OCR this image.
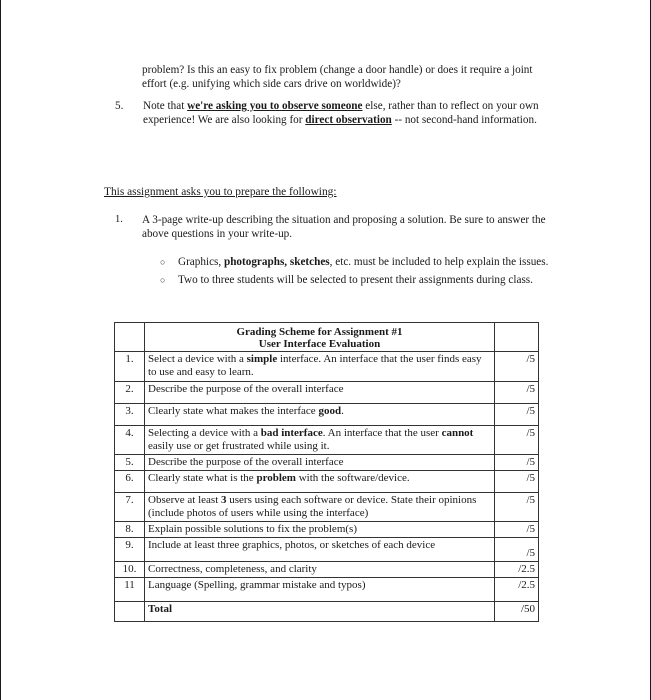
problem? Is this an easy to fix problem (change a door handle) or does it require a joint effort (e.g. unifying which side cars drive on worldwide)?
5. Note that we're asking you to observe someone else, rather than to reflect on your own experience! We are also looking for direct observation -- not second-hand information.
This assignment asks you to prepare the following:
1. A 3-page write-up describing the situation and proposing a solution. Be sure to answer the above questions in your write-up.
○ Graphics, photographs, sketches, etc. must be included to help explain the issues.
○ Two to three students will be selected to present their assignments during class.

	Grading Scheme for Assignment #1
User Interface Evaluation	

1.	Select a device with a simple interface. An interface that the user finds easy to use and easy to learn.	/5
2.	Describe the purpose of the overall interface	/5
3.	Clearly state what makes the interface good.	/5
4.	Selecting a device with a bad interface. An interface that the user cannot easily use or get frustrated while using it.	/5
5.	Describe the purpose of the overall interface	/5
6.	Clearly state what is the problem with the software/device.	/5
7.	Observe at least 3 users using each software or device. State their opinions (include photos of users while using the interface)	/5
8.	Explain possible solutions to fix the problem(s)	/5
9.	Include at least three graphics, photos, or sketches of each device	/5
10.	Correctness, completeness, and clarity	/2.5
11	Language (Spelling, grammar mistake and typos)	/2.5
	Total	/50
